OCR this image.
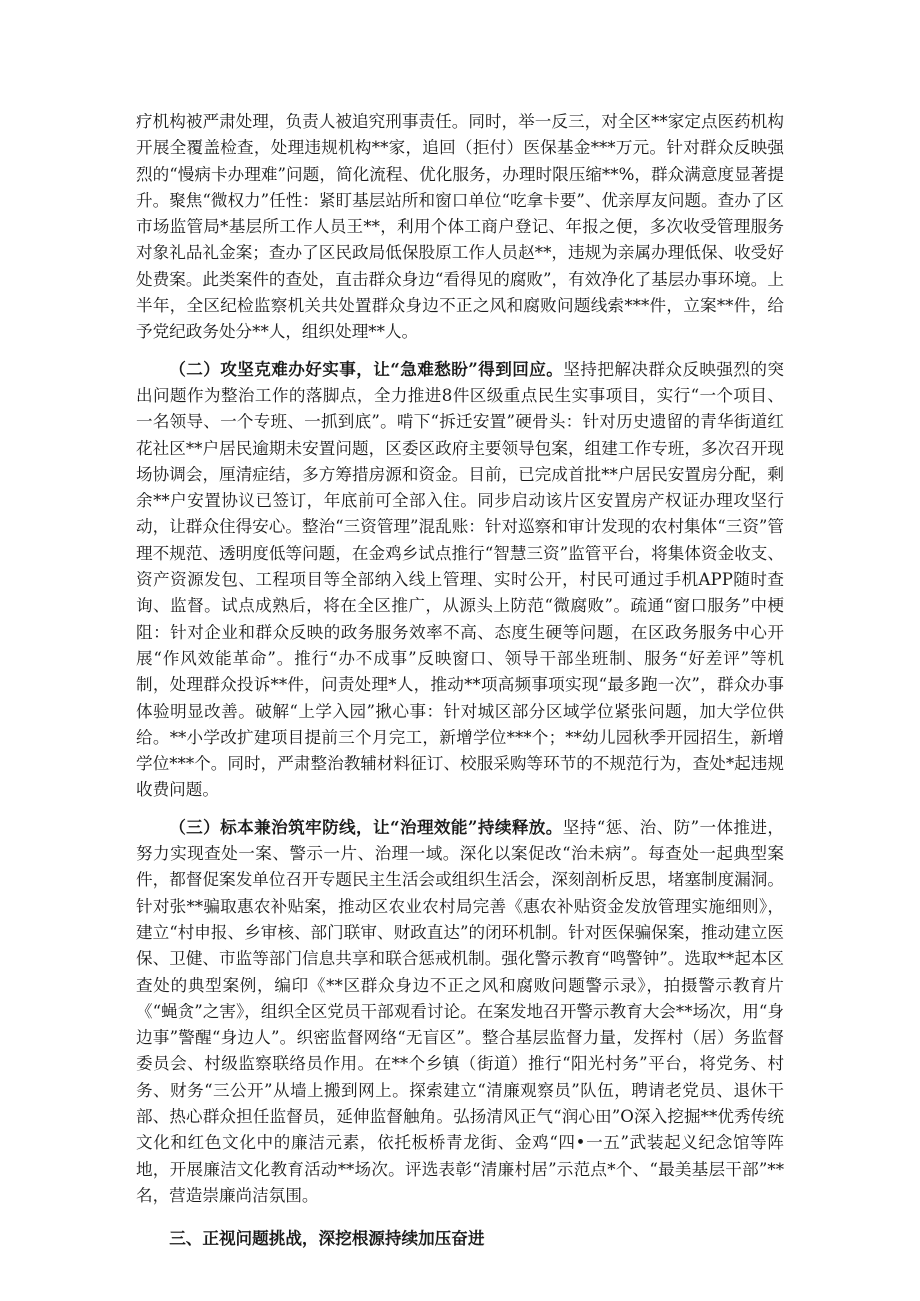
疗机构被严肃处理，负责人被追究刑事责任。同时，举一反三，对全区**家定点医药机构开展全覆盖检查，处理违规机构**家，追回（拒付）医保基金***万元。针对群众反映强烈的“慢病卡办理难”问题，简化流程、优化服务，办理时限压缩**%，群众满意度显著提升。聚焦“微权力”任性：紧盯基层站所和窗口单位“吃拿卡要”、优亲厚友问题。查办了区市场监管局*基层所工作人员王**，利用个体工商户登记、年报之便，多次收受管理服务对象礼品礼金案；查办了区民政局低保股原工作人员赵**，违规为亲属办理低保、收受好处费案。此类案件的查处，直击群众身边“看得见的腐败”，有效净化了基层办事环境。上半年，全区纪检监察机关共处置群众身边不正之风和腐败问题线索***件，立案**件，给予党纪政务处分**人，组织处理**人。

（二）攻坚克难办好实事，让“急难愁盼”得到回应。坚持把解决群众反映强烈的突出问题作为整治工作的落脚点，全力推进8件区级重点民生实事项目，实行“一个项目、一名领导、一个专班、一抓到底”。啃下“拆迁安置”硬骨头：针对历史遗留的青华街道红花社区**户居民逾期未安置问题，区委区政府主要领导包案，组建工作专班，多次召开现场协调会，厘清症结，多方筹措房源和资金。目前，已完成首批**户居民安置房分配，剩余**户安置协议已签订，年底前可全部入住。同步启动该片区安置房产权证办理攻坚行动，让群众住得安心。整治“三资管理”混乱账：针对巡察和审计发现的农村集体“三资”管理不规范、透明度低等问题，在金鸡乡试点推行“智慧三资”监管平台，将集体资金收支、资产资源发包、工程项目等全部纳入线上管理、实时公开，村民可通过手机APP随时查询、监督。试点成熟后，将在全区推广，从源头上防范“微腐败”。疏通“窗口服务”中梗阻：针对企业和群众反映的政务服务效率不高、态度生硬等问题，在区政务服务中心开展“作风效能革命”。推行“办不成事”反映窗口、领导干部坐班制、服务“好差评”等机制，处理群众投诉**件，问责处理*人，推动**项高频事项实现“最多跑一次”，群众办事体验明显改善。破解“上学入园”揪心事：针对城区部分区域学位紧张问题，加大学位供给。**小学改扩建项目提前三个月完工，新增学位***个；**幼儿园秋季开园招生，新增学位***个。同时，严肃整治教辅材料征订、校服采购等环节的不规范行为，查处*起违规收费问题。

（三）标本兼治筑牢防线，让“治理效能”持续释放。坚持“惩、治、防”一体推进，努力实现查处一案、警示一片、治理一域。深化以案促改“治未病”。每查处一起典型案件，都督促案发单位召开专题民主生活会或组织生活会，深刻剖析反思，堵塞制度漏洞。针对张**骗取惠农补贴案，推动区农业农村局完善《惠农补贴资金发放管理实施细则》，建立“村申报、乡审核、部门联审、财政直达”的闭环机制。针对医保骗保案，推动建立医保、卫健、市监等部门信息共享和联合惩戒机制。强化警示教育“鸣警钟”。选取**起本区查处的典型案例，编印《**区群众身边不正之风和腐败问题警示录》，拍摄警示教育片《“蝇贪”之害》，组织全区党员干部观看讨论。在案发地召开警示教育大会**场次，用“身边事”警醒“身边人”。织密监督网络“无盲区”。整合基层监督力量，发挥村（居）务监督委员会、村级监察联络员作用。在**个乡镇（街道）推行“阳光村务”平台，将党务、村务、财务“三公开”从墙上搬到网上。探索建立“清廉观察员”队伍，聘请老党员、退休干部、热心群众担任监督员，延伸监督触角。弘扬清风正气“润心田”O深入挖掘**优秀传统文化和红色文化中的廉洁元素，依托板桥青龙街、金鸡“四•一五”武装起义纪念馆等阵地，开展廉洁文化教育活动**场次。评选表彰“清廉村居”示范点*个、“最美基层干部”**名，营造崇廉尚洁氛围。

三、正视问题挑战，深挖根源持续加压奋进
